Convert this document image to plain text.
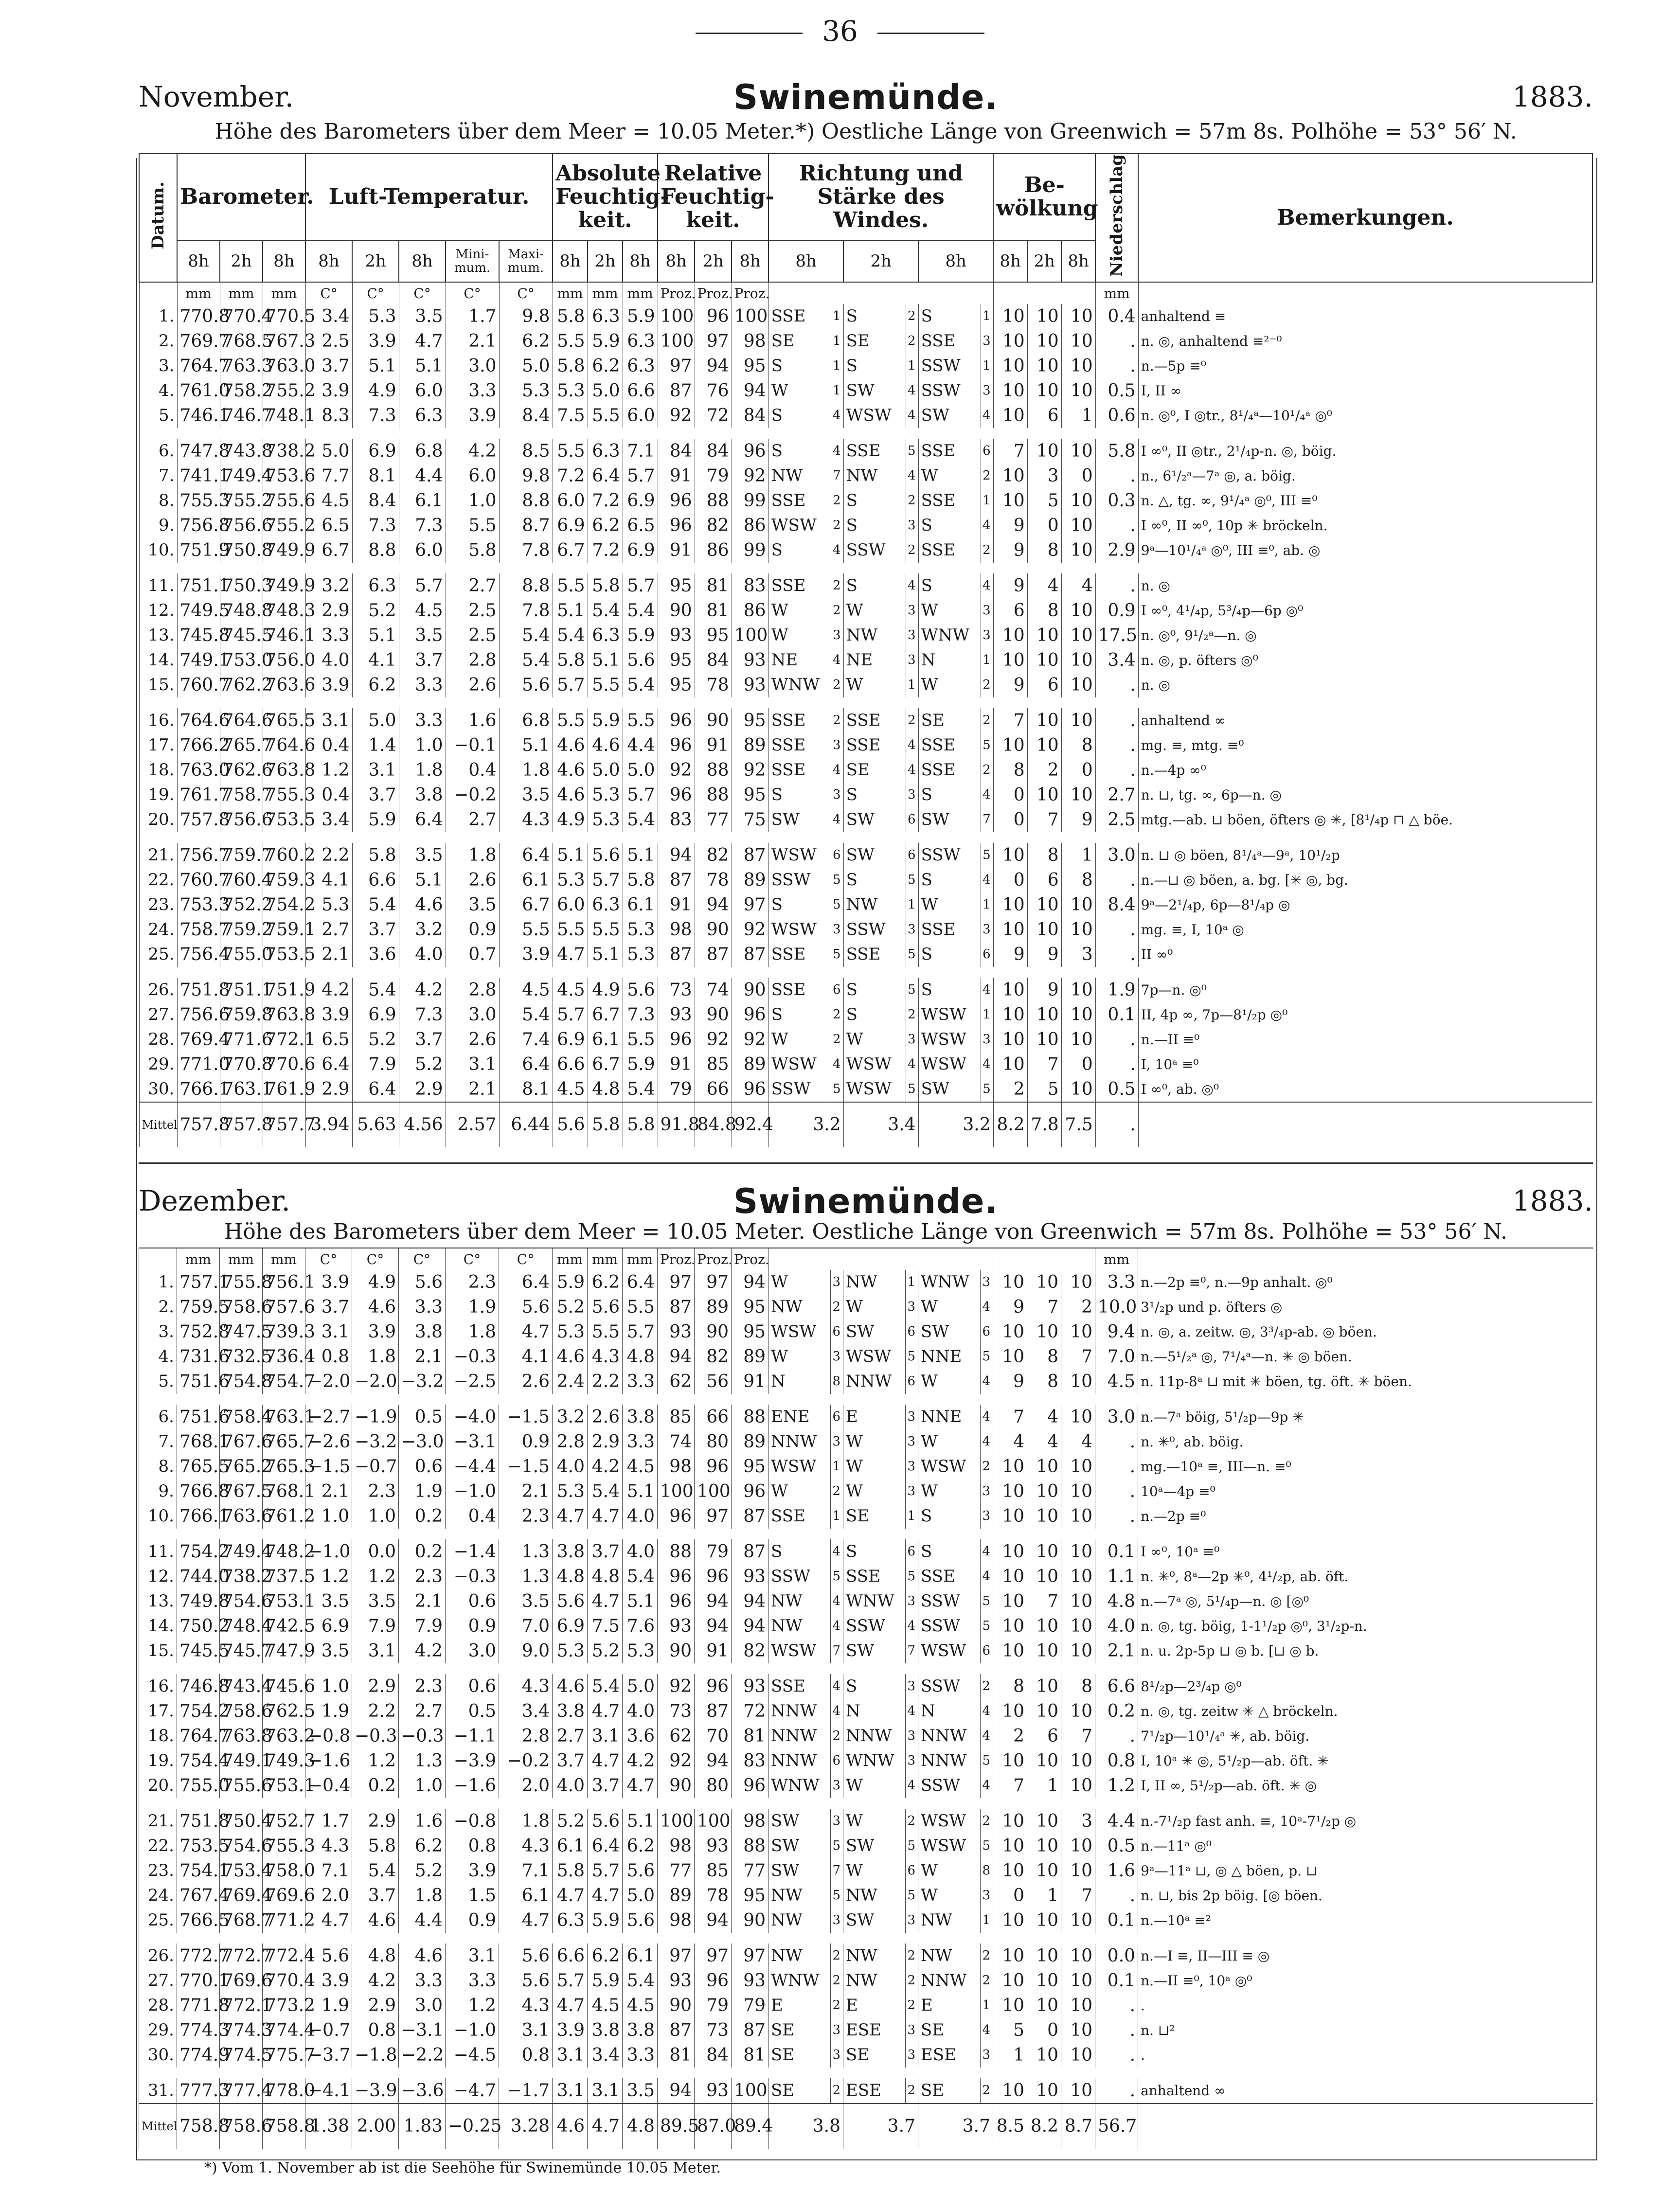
36
November.	Swinemünde.	1883.
Höhe des Barometers über dem Meer = 10.05 Meter.*) Oestliche Länge von Greenwich = 57m 8s. Polhöhe = 53° 56′ N.
Datum.	Barometer.			Luft-Temperatur.					Absolute Feuchtig-keit.			Relative Feuchtig-keit.			Richtung und Stärke des Windes.						Be-wölkung			Niederschlag	Bemerkungen.
	8h	2h	8h	8h	2h	8h	Mini-mum.	Maxi-mum.	8h	2h	8h	8h	2h	8h	8h		2h		8h		8h	2h	8h		
	mm	mm	mm	C°	C°	C°	C°	C°	mm	mm	mm	Proz.	Proz.	Proz.										mm	
1.	770.8	770.4	770.5	3.4	5.3	3.5	1.7	9.8	5.8	6.3	5.9	100	96	100	SSE	1	S	2	S	1	10	10	10	0.4	anhaltend ≡
2.	769.7	768.5	767.3	2.5	3.9	4.7	2.1	6.2	5.5	5.9	6.3	100	97	98	SE	1	SE	2	SSE	3	10	10	10	.	n. ◎, anhaltend ≡²⁻⁰
3.	764.7	763.3	763.0	3.7	5.1	5.1	3.0	5.0	5.8	6.2	6.3	97	94	95	S	1	S	1	SSW	1	10	10	10	.	n.—5p ≡⁰
4.	761.0	758.2	755.2	3.9	4.9	6.0	3.3	5.3	5.3	5.0	6.6	87	76	94	W	1	SW	4	SSW	3	10	10	10	0.5	I, II ∞
5.	746.1	746.7	748.1	8.3	7.3	6.3	3.9	8.4	7.5	5.5	6.0	92	72	84	S	4	WSW	4	SW	4	10	6	1	0.6	n. ◎⁰, I ◎tr., 8¹/₄ᵃ—10¹/₄ᵃ ◎⁰

6.	747.8	743.8	738.2	5.0	6.9	6.8	4.2	8.5	5.5	6.3	7.1	84	84	96	S	4	SSE	5	SSE	6	7	10	10	5.8	I ∞⁰, II ◎tr., 2¹/₄p-n. ◎, böig.
7.	741.1	749.4	753.6	7.7	8.1	4.4	6.0	9.8	7.2	6.4	5.7	91	79	92	NW	7	NW	4	W	2	10	3	0	.	n., 6¹/₂ᵃ—7ᵃ ◎, a. böig.
8.	755.3	755.2	755.6	4.5	8.4	6.1	1.0	8.8	6.0	7.2	6.9	96	88	99	SSE	2	S	2	SSE	1	10	5	10	0.3	n. △, tg. ∞, 9¹/₄ᵃ ◎⁰, III ≡⁰
9.	756.8	756.6	755.2	6.5	7.3	7.3	5.5	8.7	6.9	6.2	6.5	96	82	86	WSW	2	S	3	S	4	9	0	10	.	I ∞⁰, II ∞⁰, 10p ✳ bröckeln.
10.	751.9	750.8	749.9	6.7	8.8	6.0	5.8	7.8	6.7	7.2	6.9	91	86	99	S	4	SSW	2	SSE	2	9	8	10	2.9	9ᵃ—10¹/₄ᵃ ◎⁰, III ≡⁰, ab. ◎

11.	751.1	750.3	749.9	3.2	6.3	5.7	2.7	8.8	5.5	5.8	5.7	95	81	83	SSE	2	S	4	S	4	9	4	4	.	n. ◎
12.	749.5	748.8	748.3	2.9	5.2	4.5	2.5	7.8	5.1	5.4	5.4	90	81	86	W	2	W	3	W	3	6	8	10	0.9	I ∞⁰, 4¹/₄p, 5³/₄p—6p ◎⁰
13.	745.8	745.5	746.1	3.3	5.1	3.5	2.5	5.4	5.4	6.3	5.9	93	95	100	W	3	NW	3	WNW	3	10	10	10	17.5	n. ◎⁰, 9¹/₂ᵃ—n. ◎
14.	749.1	753.0	756.0	4.0	4.1	3.7	2.8	5.4	5.8	5.1	5.6	95	84	93	NE	4	NE	3	N	1	10	10	10	3.4	n. ◎, p. öfters ◎⁰
15.	760.7	762.2	763.6	3.9	6.2	3.3	2.6	5.6	5.7	5.5	5.4	95	78	93	WNW	2	W	1	W	2	9	6	10	.	n. ◎

16.	764.6	764.6	765.5	3.1	5.0	3.3	1.6	6.8	5.5	5.9	5.5	96	90	95	SSE	2	SSE	2	SE	2	7	10	10	.	anhaltend ∞
17.	766.2	765.7	764.6	0.4	1.4	1.0	−0.1	5.1	4.6	4.6	4.4	96	91	89	SSE	3	SSE	4	SSE	5	10	10	8	.	mg. ≡, mtg. ≡⁰
18.	763.0	762.6	763.8	1.2	3.1	1.8	0.4	1.8	4.6	5.0	5.0	92	88	92	SSE	4	SE	4	SSE	2	8	2	0	.	n.—4p ∞⁰
19.	761.7	758.7	755.3	0.4	3.7	3.8	−0.2	3.5	4.6	5.3	5.7	96	88	95	S	3	S	3	S	4	0	10	10	2.7	n. ⊔, tg. ∞, 6p—n. ◎
20.	757.8	756.6	753.5	3.4	5.9	6.4	2.7	4.3	4.9	5.3	5.4	83	77	75	SW	4	SW	6	SW	7	0	7	9	2.5	mtg.—ab. ⊔ böen, öfters ◎ ✳, [8¹/₄p ⊓ △ böe.

21.	756.7	759.7	760.2	2.2	5.8	3.5	1.8	6.4	5.1	5.6	5.1	94	82	87	WSW	6	SW	6	SSW	5	10	8	1	3.0	n. ⊔ ◎ böen, 8¹/₄ᵃ—9ᵃ, 10¹/₂p
22.	760.7	760.4	759.3	4.1	6.6	5.1	2.6	6.1	5.3	5.7	5.8	87	78	89	SSW	5	S	5	S	4	0	6	8	.	n.—⊔ ◎ böen, a. bg. [✳ ◎, bg.
23.	753.3	752.2	754.2	5.3	5.4	4.6	3.5	6.7	6.0	6.3	6.1	91	94	97	S	5	NW	1	W	1	10	10	10	8.4	9ᵃ—2¹/₄p, 6p—8¹/₄p ◎
24.	758.7	759.2	759.1	2.7	3.7	3.2	0.9	5.5	5.5	5.5	5.3	98	90	92	WSW	3	SSW	3	SSE	3	10	10	10	.	mg. ≡, I, 10ᵃ ◎
25.	756.4	755.0	753.5	2.1	3.6	4.0	0.7	3.9	4.7	5.1	5.3	87	87	87	SSE	5	SSE	5	S	6	9	9	3	.	II ∞⁰

26.	751.8	751.1	751.9	4.2	5.4	4.2	2.8	4.5	4.5	4.9	5.6	73	74	90	SSE	6	S	5	S	4	10	9	10	1.9	7p—n. ◎⁰
27.	756.6	759.8	763.8	3.9	6.9	7.3	3.0	5.4	5.7	6.7	7.3	93	90	96	S	2	S	2	WSW	1	10	10	10	0.1	II, 4p ∞, 7p—8¹/₂p ◎⁰
28.	769.4	771.6	772.1	6.5	5.2	3.7	2.6	7.4	6.9	6.1	5.5	96	92	92	W	2	W	3	WSW	3	10	10	10	.	n.—II ≡⁰
29.	771.0	770.8	770.6	6.4	7.9	5.2	3.1	6.4	6.6	6.7	5.9	91	85	89	WSW	4	WSW	4	WSW	4	10	7	0	.	I, 10ᵃ ≡⁰
30.	766.1	763.1	761.9	2.9	6.4	2.9	2.1	8.1	4.5	4.8	5.4	79	66	96	SSW	5	WSW	5	SW	5	2	5	10	0.5	I ∞⁰, ab. ◎⁰
Mittel	757.8	757.8	757.7	3.94	5.63	4.56	2.57	6.44	5.6	5.8	5.8	91.8	84.8	92.4	3.2		3.4		3.2		8.2	7.8	7.5	.	
Dezember.	Swinemünde.	1883.
Höhe des Barometers über dem Meer = 10.05 Meter. Oestliche Länge von Greenwich = 57m 8s. Polhöhe = 53° 56′ N.
	mm	mm	mm	C°	C°	C°	C°	C°	mm	mm	mm	Proz.	Proz.	Proz.										mm	
1.	757.1	755.8	756.1	3.9	4.9	5.6	2.3	6.4	5.9	6.2	6.4	97	97	94	W	3	NW	1	WNW	3	10	10	10	3.3	n.—2p ≡⁰, n.—9p anhalt. ◎⁰
2.	759.5	758.6	757.6	3.7	4.6	3.3	1.9	5.6	5.2	5.6	5.5	87	89	95	NW	2	W	3	W	4	9	7	2	10.0	3¹/₂p und p. öfters ◎
3.	752.8	747.5	739.3	3.1	3.9	3.8	1.8	4.7	5.3	5.5	5.7	93	90	95	WSW	6	SW	6	SW	6	10	10	10	9.4	n. ◎, a. zeitw. ◎, 3³/₄p-ab. ◎ böen.
4.	731.6	732.5	736.4	0.8	1.8	2.1	−0.3	4.1	4.6	4.3	4.8	94	82	89	W	3	WSW	5	NNE	5	10	8	7	7.0	n.—5¹/₂ᵃ ◎, 7¹/₄ᵃ—n. ✳ ◎ böen.
5.	751.6	754.8	754.7	−2.0	−2.0	−3.2	−2.5	2.6	2.4	2.2	3.3	62	56	91	N	8	NNW	6	W	4	9	8	10	4.5	n. 11p-8ᵃ ⊔ mit ✳ böen, tg. öft. ✳ böen.

6.	751.6	758.4	763.1	−2.7	−1.9	0.5	−4.0	−1.5	3.2	2.6	3.8	85	66	88	ENE	6	E	3	NNE	4	7	4	10	3.0	n.—7ᵃ böig, 5¹/₂p—9p ✳
7.	768.1	767.6	765.7	−2.6	−3.2	−3.0	−3.1	0.9	2.8	2.9	3.3	74	80	89	NNW	3	W	3	W	4	4	4	4	.	n. ✳⁰, ab. böig.
8.	765.5	765.2	765.3	−1.5	−0.7	0.6	−4.4	−1.5	4.0	4.2	4.5	98	96	95	WSW	1	W	3	WSW	2	10	10	10	.	mg.—10ᵃ ≡, III—n. ≡⁰
9.	766.8	767.5	768.1	2.1	2.3	1.9	−1.0	2.1	5.3	5.4	5.1	100	100	96	W	2	W	3	W	3	10	10	10	.	10ᵃ—4p ≡⁰
10.	766.1	763.6	761.2	1.0	1.0	0.2	0.4	2.3	4.7	4.7	4.0	96	97	87	SSE	1	SE	1	S	3	10	10	10	.	n.—2p ≡⁰

11.	754.2	749.4	748.2	−1.0	0.0	0.2	−1.4	1.3	3.8	3.7	4.0	88	79	87	S	4	S	6	S	4	10	10	10	0.1	I ∞⁰, 10ᵃ ≡⁰
12.	744.0	738.2	737.5	1.2	1.2	2.3	−0.3	1.3	4.8	4.8	5.4	96	96	93	SSW	5	SSE	5	SSE	4	10	10	10	1.1	n. ✳⁰, 8ᵃ—2p ✳⁰, 4¹/₂p, ab. öft.
13.	749.8	754.6	753.1	3.5	3.5	2.1	0.6	3.5	5.6	4.7	5.1	96	94	94	NW	4	WNW	3	SSW	5	10	7	10	4.8	n.—7ᵃ ◎, 5¹/₄p—n. ◎ [◎⁰
14.	750.2	748.4	742.5	6.9	7.9	7.9	0.9	7.0	6.9	7.5	7.6	93	94	94	NW	4	SSW	4	SSW	5	10	10	10	4.0	n. ◎, tg. böig, 1-1¹/₂p ◎⁰, 3¹/₂p-n.
15.	745.5	745.7	747.9	3.5	3.1	4.2	3.0	9.0	5.3	5.2	5.3	90	91	82	WSW	7	SW	7	WSW	6	10	10	10	2.1	n. u. 2p-5p ⊔ ◎ b. [⊔ ◎ b.

16.	746.8	743.4	745.6	1.0	2.9	2.3	0.6	4.3	4.6	5.4	5.0	92	96	93	SSE	4	S	3	SSW	2	8	10	8	6.6	8¹/₂p—2³/₄p ◎⁰
17.	754.2	758.6	762.5	1.9	2.2	2.7	0.5	3.4	3.8	4.7	4.0	73	87	72	NNW	4	N	4	N	4	10	10	10	0.2	n. ◎, tg. zeitw ✳ △ bröckeln.
18.	764.7	763.8	763.2	−0.8	−0.3	−0.3	−1.1	2.8	2.7	3.1	3.6	62	70	81	NNW	2	NNW	3	NNW	4	2	6	7	.	7¹/₂p—10¹/₄ᵃ ✳, ab. böig.
19.	754.4	749.1	749.3	−1.6	1.2	1.3	−3.9	−0.2	3.7	4.7	4.2	92	94	83	NNW	6	WNW	3	NNW	5	10	10	10	0.8	I, 10ᵃ ✳ ◎, 5¹/₂p—ab. öft. ✳
20.	755.0	755.6	753.1	−0.4	0.2	1.0	−1.6	2.0	4.0	3.7	4.7	90	80	96	WNW	3	W	4	SSW	4	7	1	10	1.2	I, II ∞, 5¹/₂p—ab. öft. ✳ ◎

21.	751.8	750.4	752.7	1.7	2.9	1.6	−0.8	1.8	5.2	5.6	5.1	100	100	98	SW	3	W	2	WSW	2	10	10	3	4.4	n.-7¹/₂p fast anh. ≡, 10ᵃ-7¹/₂p ◎
22.	753.5	754.6	755.3	4.3	5.8	6.2	0.8	4.3	6.1	6.4	6.2	98	93	88	SW	5	SW	5	WSW	5	10	10	10	0.5	n.—11ᵃ ◎⁰
23.	754.1	753.4	758.0	7.1	5.4	5.2	3.9	7.1	5.8	5.7	5.6	77	85	77	SW	7	W	6	W	8	10	10	10	1.6	9ᵃ—11ᵃ ⊔, ◎ △ böen, p. ⊔
24.	767.4	769.4	769.6	2.0	3.7	1.8	1.5	6.1	4.7	4.7	5.0	89	78	95	NW	5	NW	5	W	3	0	1	7	.	n. ⊔, bis 2p böig. [◎ böen.
25.	766.5	768.7	771.2	4.7	4.6	4.4	0.9	4.7	6.3	5.9	5.6	98	94	90	NW	3	SW	3	NW	1	10	10	10	0.1	n.—10ᵃ ≡²

26.	772.7	772.7	772.4	5.6	4.8	4.6	3.1	5.6	6.6	6.2	6.1	97	97	97	NW	2	NW	2	NW	2	10	10	10	0.0	n.—I ≡, II—III ≡ ◎
27.	770.1	769.6	770.4	3.9	4.2	3.3	3.3	5.6	5.7	5.9	5.4	93	96	93	WNW	2	NW	2	NNW	2	10	10	10	0.1	n.—II ≡⁰, 10ᵃ ◎⁰
28.	771.8	772.1	773.2	1.9	2.9	3.0	1.2	4.3	4.7	4.5	4.5	90	79	79	E	2	E	2	E	1	10	10	10	.	.
29.	774.3	774.3	774.4	−0.7	0.8	−3.1	−1.0	3.1	3.9	3.8	3.8	87	73	87	SE	3	ESE	3	SE	4	5	0	10	.	n. ⊔²
30.	774.9	774.5	775.7	−3.7	−1.8	−2.2	−4.5	0.8	3.1	3.4	3.3	81	84	81	SE	3	SE	3	ESE	3	1	10	10	.	.

31.	777.3	777.4	778.0	−4.1	−3.9	−3.6	−4.7	−1.7	3.1	3.1	3.5	94	93	100	SE	2	ESE	2	SE	2	10	10	10	.	anhaltend ∞
Mittel	758.8	758.6	758.8	1.38	2.00	1.83	−0.25	3.28	4.6	4.7	4.8	89.5	87.0	89.4	3.8		3.7		3.7		8.5	8.2	8.7	56.7	
*) Vom 1. November ab ist die Seehöhe für Swinemünde 10.05 Meter.
